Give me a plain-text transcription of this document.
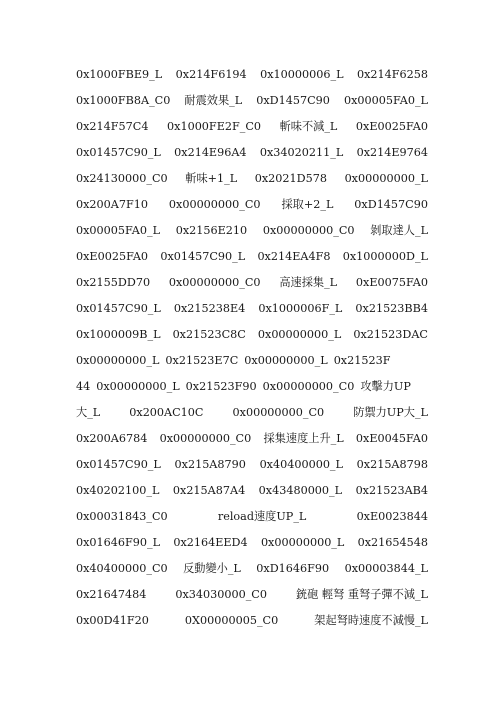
0x1000FBE9_L 0x214F6194 0x10000006_L 0x214F6258
0x1000FB8A_C0 耐震效果_L 0xD1457C90 0x00005FA0_L
0x214F57C4 0x1000FE2F_C0 斬味不減_L 0xE0025FA0
0x01457C90_L 0x214E96A4 0x34020211_L 0x214E9764
0x24130000_C0 斬味+1_L 0x2021D578 0x00000000_L
0x200A7F10 0x00000000_C0 採取+2_L 0xD1457C90
0x00005FA0_L 0x2156E210 0x00000000_C0 剝取達人_L
0xE0025FA0 0x01457C90_L 0x214EA4F8 0x1000000D_L
0x2155DD70 0x00000000_C0 高速採集_L 0xE0075FA0
0x01457C90_L 0x215238E4 0x1000006F_L 0x21523BB4
0x1000009B_L 0x21523C8C 0x00000000_L 0x21523DAC
0x00000000_L 0x21523E7C 0x00000000_L 0x21523F
44 0x00000000_L 0x21523F90 0x00000000_C0 攻擊力UP
大_L	0x200AC10C	0x00000000_C0	防禦力UP大_L
0x200A6784 0x00000000_C0 採集速度上升_L 0xE0045FA0
0x01457C90_L 0x215A8790 0x40400000_L 0x215A8798
0x40202100_L 0x215A87A4 0x43480000_L 0x21523AB4
0x00031843_C0	reload速度UP_L	0xE0023844
0x01646F90_L 0x2164EED4 0x00000000_L 0x21654548
0x40400000_C0 反動變小_L 0xD1646F90 0x00003844_L
0x21647484	0x34030000_C0	銃砲 輕弩 重弩子彈不減_L
0x00D41F20	0X00000005_C0	架起弩時速度不減慢_L
